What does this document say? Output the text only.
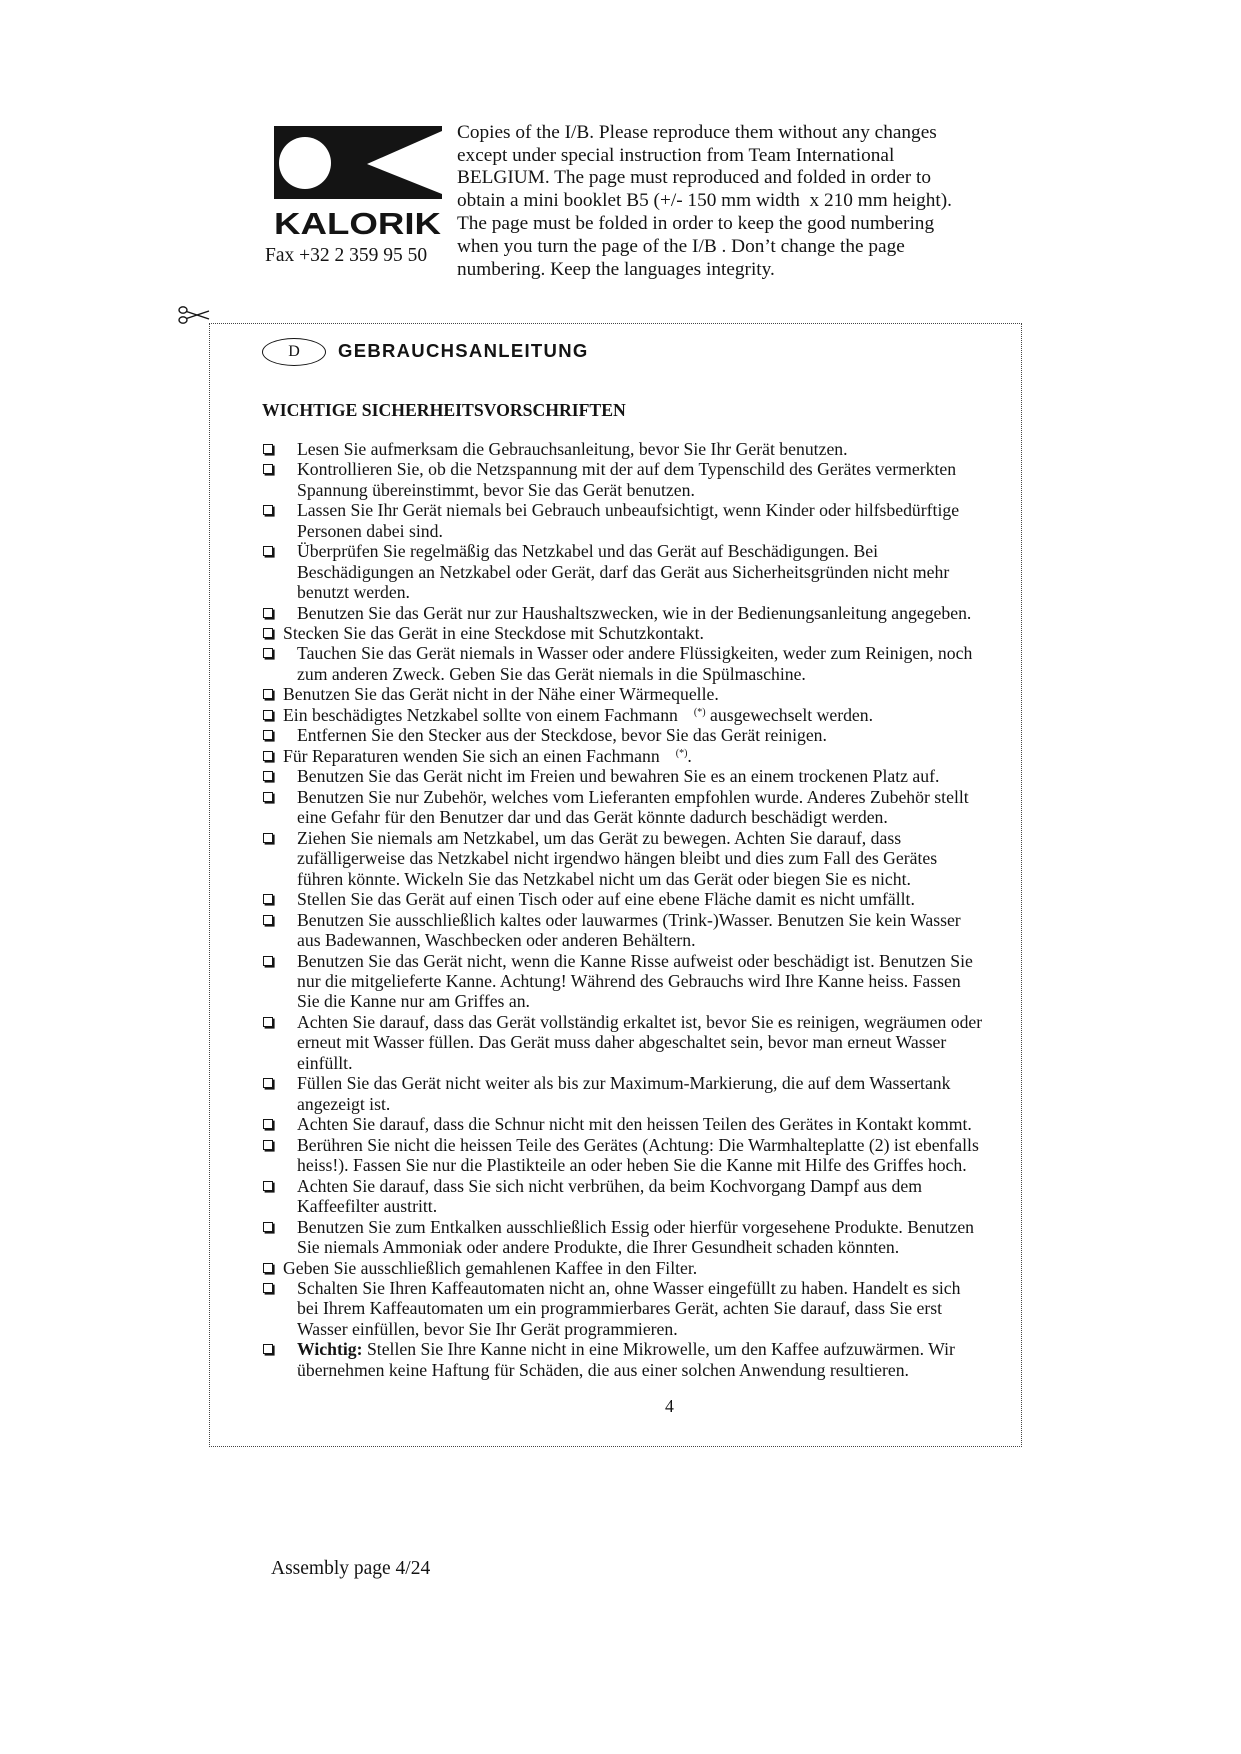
KALORIK
Fax +32 2 359 95 50
Copies of the I/B. Please reproduce them without any changes
except under special instruction from Team International
BELGIUM. The page must reproduced and folded in order to
obtain a mini booklet B5 (+/- 150 mm width  x 210 mm height).
The page must be folded in order to keep the good numbering
when you turn the page of the I/B . Don’t change the page
numbering. Keep the languages integrity.
D	GEBRAUCHSANLEITUNG
WICHTIGE SICHERHEITSVORSCHRIFTEN
Lesen Sie aufmerksam die Gebrauchsanleitung, bevor Sie Ihr Gerät benutzen.
Kontrollieren Sie, ob die Netzspannung mit der auf dem Typenschild des Gerätes vermerkten
Spannung übereinstimmt, bevor Sie das Gerät benutzen.
Lassen Sie Ihr Gerät niemals bei Gebrauch unbeaufsichtigt, wenn Kinder oder hilfsbedürftige
Personen dabei sind.
Überprüfen Sie regelmäßig das Netzkabel und das Gerät auf Beschädigungen. Bei
Beschädigungen an Netzkabel oder Gerät, darf das Gerät aus Sicherheitsgründen nicht mehr
benutzt werden.
Benutzen Sie das Gerät nur zur Haushaltszwecken, wie in der Bedienungsanleitung angegeben.
Stecken Sie das Gerät in eine Steckdose mit Schutzkontakt.
Tauchen Sie das Gerät niemals in Wasser oder andere Flüssigkeiten, weder zum Reinigen, noch
zum anderen Zweck. Geben Sie das Gerät niemals in die Spülmaschine.
Benutzen Sie das Gerät nicht in der Nähe einer Wärmequelle.
Ein beschädigtes Netzkabel sollte von einem Fachmann (*) ausgewechselt werden.
Entfernen Sie den Stecker aus der Steckdose, bevor Sie das Gerät reinigen.
Für Reparaturen wenden Sie sich an einen Fachmann (*).
Benutzen Sie das Gerät nicht im Freien und bewahren Sie es an einem trockenen Platz auf.
Benutzen Sie nur Zubehör, welches vom Lieferanten empfohlen wurde. Anderes Zubehör stellt
eine Gefahr für den Benutzer dar und das Gerät könnte dadurch beschädigt werden.
Ziehen Sie niemals am Netzkabel, um das Gerät zu bewegen. Achten Sie darauf, dass
zufälligerweise das Netzkabel nicht irgendwo hängen bleibt und dies zum Fall des Gerätes
führen könnte. Wickeln Sie das Netzkabel nicht um das Gerät oder biegen Sie es nicht.
Stellen Sie das Gerät auf einen Tisch oder auf eine ebene Fläche damit es nicht umfällt.
Benutzen Sie ausschließlich kaltes oder lauwarmes (Trink-)Wasser. Benutzen Sie kein Wasser
aus Badewannen, Waschbecken oder anderen Behältern.
Benutzen Sie das Gerät nicht, wenn die Kanne Risse aufweist oder beschädigt ist. Benutzen Sie
nur die mitgelieferte Kanne. Achtung! Während des Gebrauchs wird Ihre Kanne heiss. Fassen
Sie die Kanne nur am Griffes an.
Achten Sie darauf, dass das Gerät vollständig erkaltet ist, bevor Sie es reinigen, wegräumen oder
erneut mit Wasser füllen. Das Gerät muss daher abgeschaltet sein, bevor man erneut Wasser
einfüllt.
Füllen Sie das Gerät nicht weiter als bis zur Maximum-Markierung, die auf dem Wassertank
angezeigt ist.
Achten Sie darauf, dass die Schnur nicht mit den heissen Teilen des Gerätes in Kontakt kommt.
Berühren Sie nicht die heissen Teile des Gerätes (Achtung: Die Warmhalteplatte (2) ist ebenfalls
heiss!). Fassen Sie nur die Plastikteile an oder heben Sie die Kanne mit Hilfe des Griffes hoch.
Achten Sie darauf, dass Sie sich nicht verbrühen, da beim Kochvorgang Dampf aus dem
Kaffeefilter austritt.
Benutzen Sie zum Entkalken ausschließlich Essig oder hierfür vorgesehene Produkte. Benutzen
Sie niemals Ammoniak oder andere Produkte, die Ihrer Gesundheit schaden könnten.
Geben Sie ausschließlich gemahlenen Kaffee in den Filter.
Schalten Sie Ihren Kaffeautomaten nicht an, ohne Wasser eingefüllt zu haben. Handelt es sich
bei Ihrem Kaffeautomaten um ein programmierbares Gerät, achten Sie darauf, dass Sie erst
Wasser einfüllen, bevor Sie Ihr Gerät programmieren.
Wichtig: Stellen Sie Ihre Kanne nicht in eine Mikrowelle, um den Kaffee aufzuwärmen. Wir
übernehmen keine Haftung für Schäden, die aus einer solchen Anwendung resultieren.
4
Assembly page 4/24
